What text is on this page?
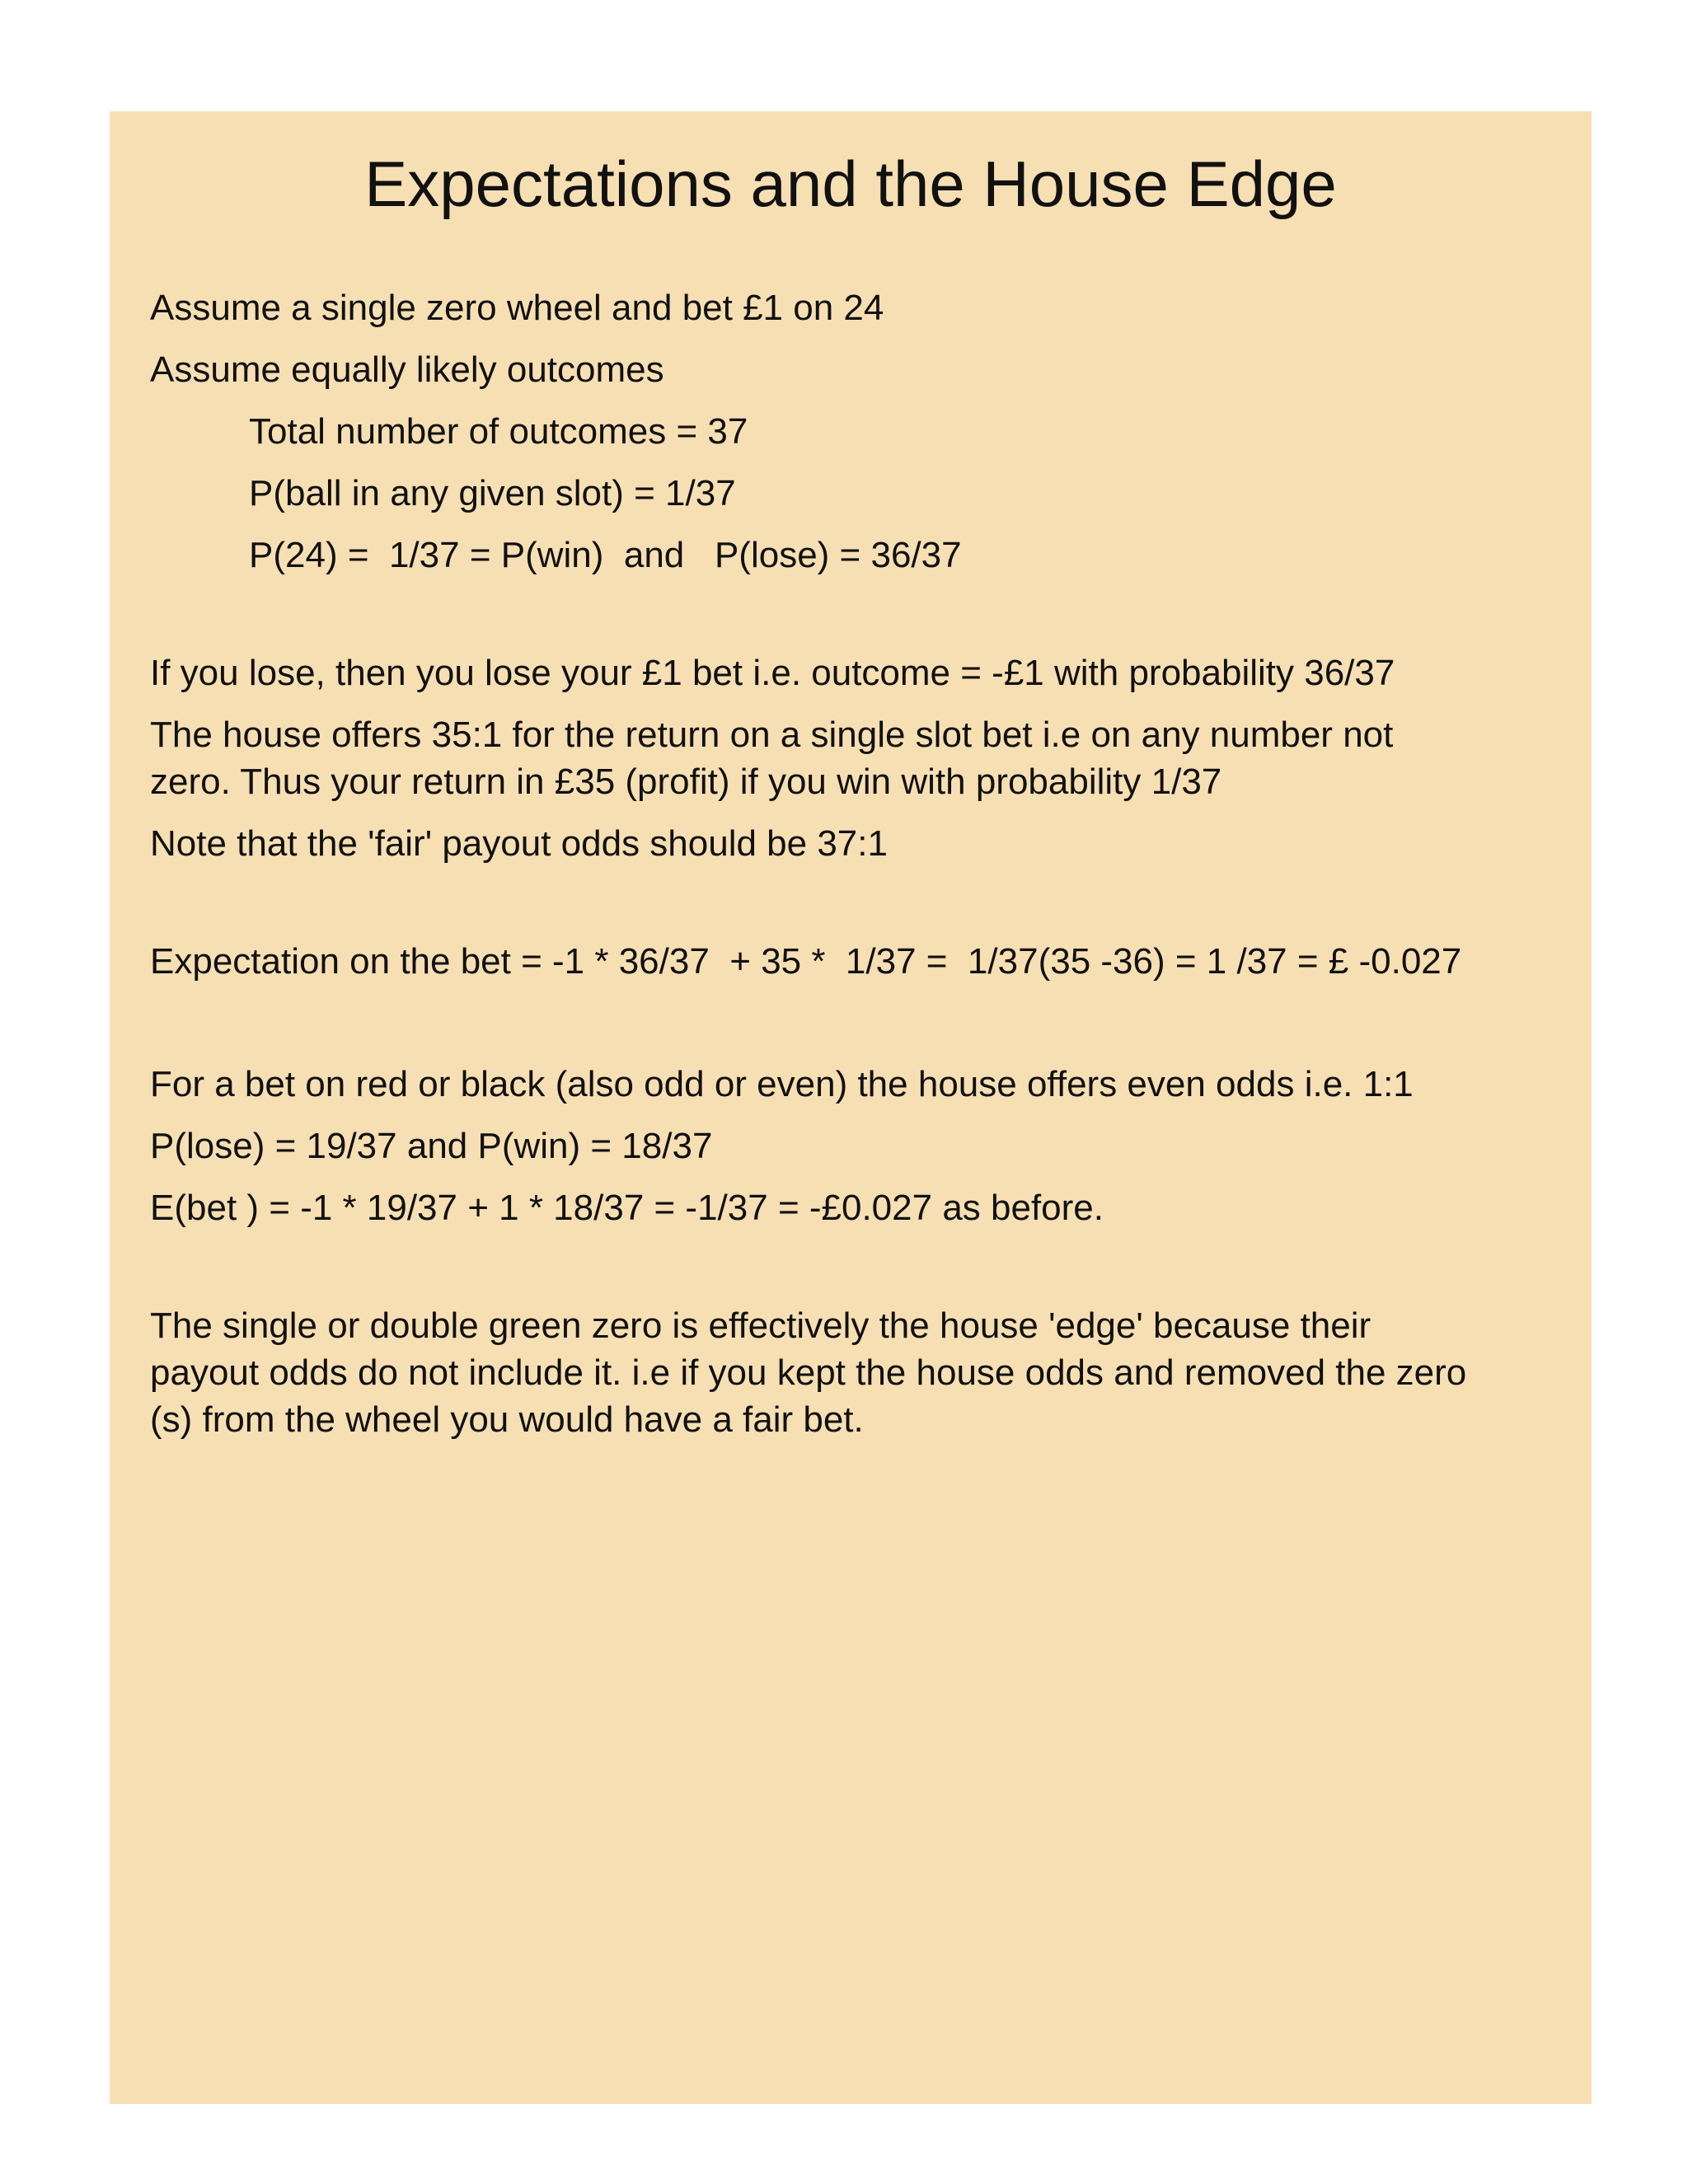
Expectations and the House Edge

Assume a single zero wheel and bet £1 on 24

Assume equally likely outcomes

Total number of outcomes = 37

P(ball in any given slot) = 1/37

P(24) =  1/37 = P(win)  and   P(lose) = 36/37

If you lose, then you lose your £1 bet i.e. outcome = -£1 with probability 36/37

The house offers 35:1 for the return on a single slot bet i.e on any number not
zero. Thus your return in £35 (profit) if you win with probability 1/37

Note that the 'fair' payout odds should be 37:1

Expectation on the bet = -1 * 36/37  + 35 *  1/37 =  1/37(35 -36) = 1 /37 = £ -0.027

For a bet on red or black (also odd or even) the house offers even odds i.e. 1:1

P(lose) = 19/37 and P(win) = 18/37

E(bet ) = -1 * 19/37 + 1 * 18/37 = -1/37 = -£0.027 as before.

The single or double green zero is effectively the house 'edge' because their
payout odds do not include it. i.e if you kept the house odds and removed the zero
(s) from the wheel you would have a fair bet.
